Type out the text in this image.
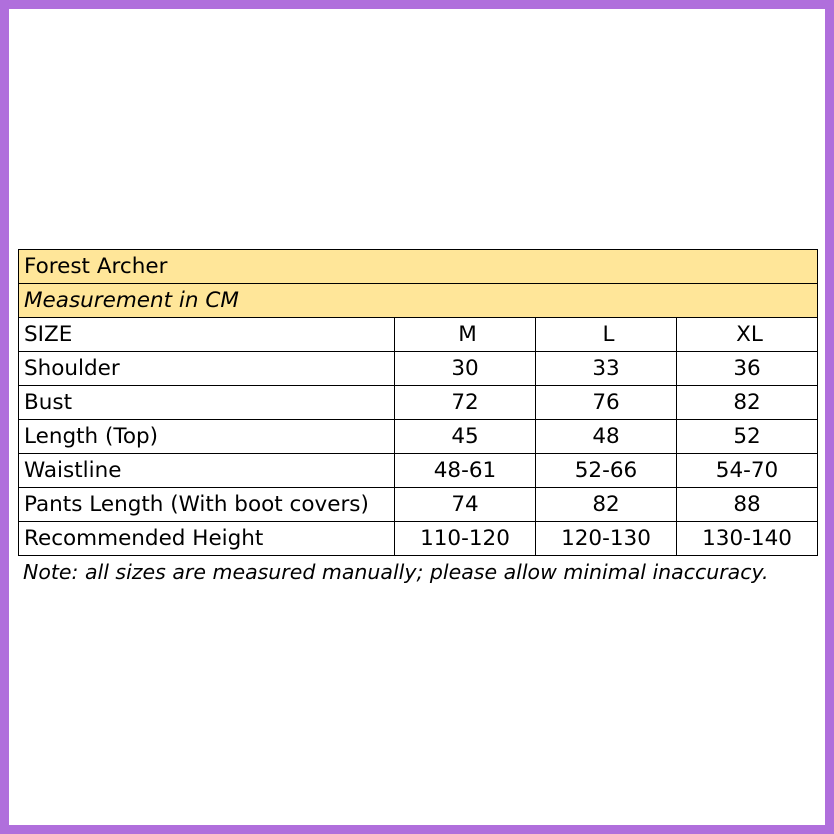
Forest Archer			
Measurement in CM			
SIZE	M	L	XL
Shoulder	30	33	36
Bust	72	76	82
Length (Top)	45	48	52
Waistline	48-61	52-66	54-70
Pants Length (With boot covers)	74	82	88
Recommended Height	110-120	120-130	130-140
Note: all sizes are measured manually; please allow minimal inaccuracy.
